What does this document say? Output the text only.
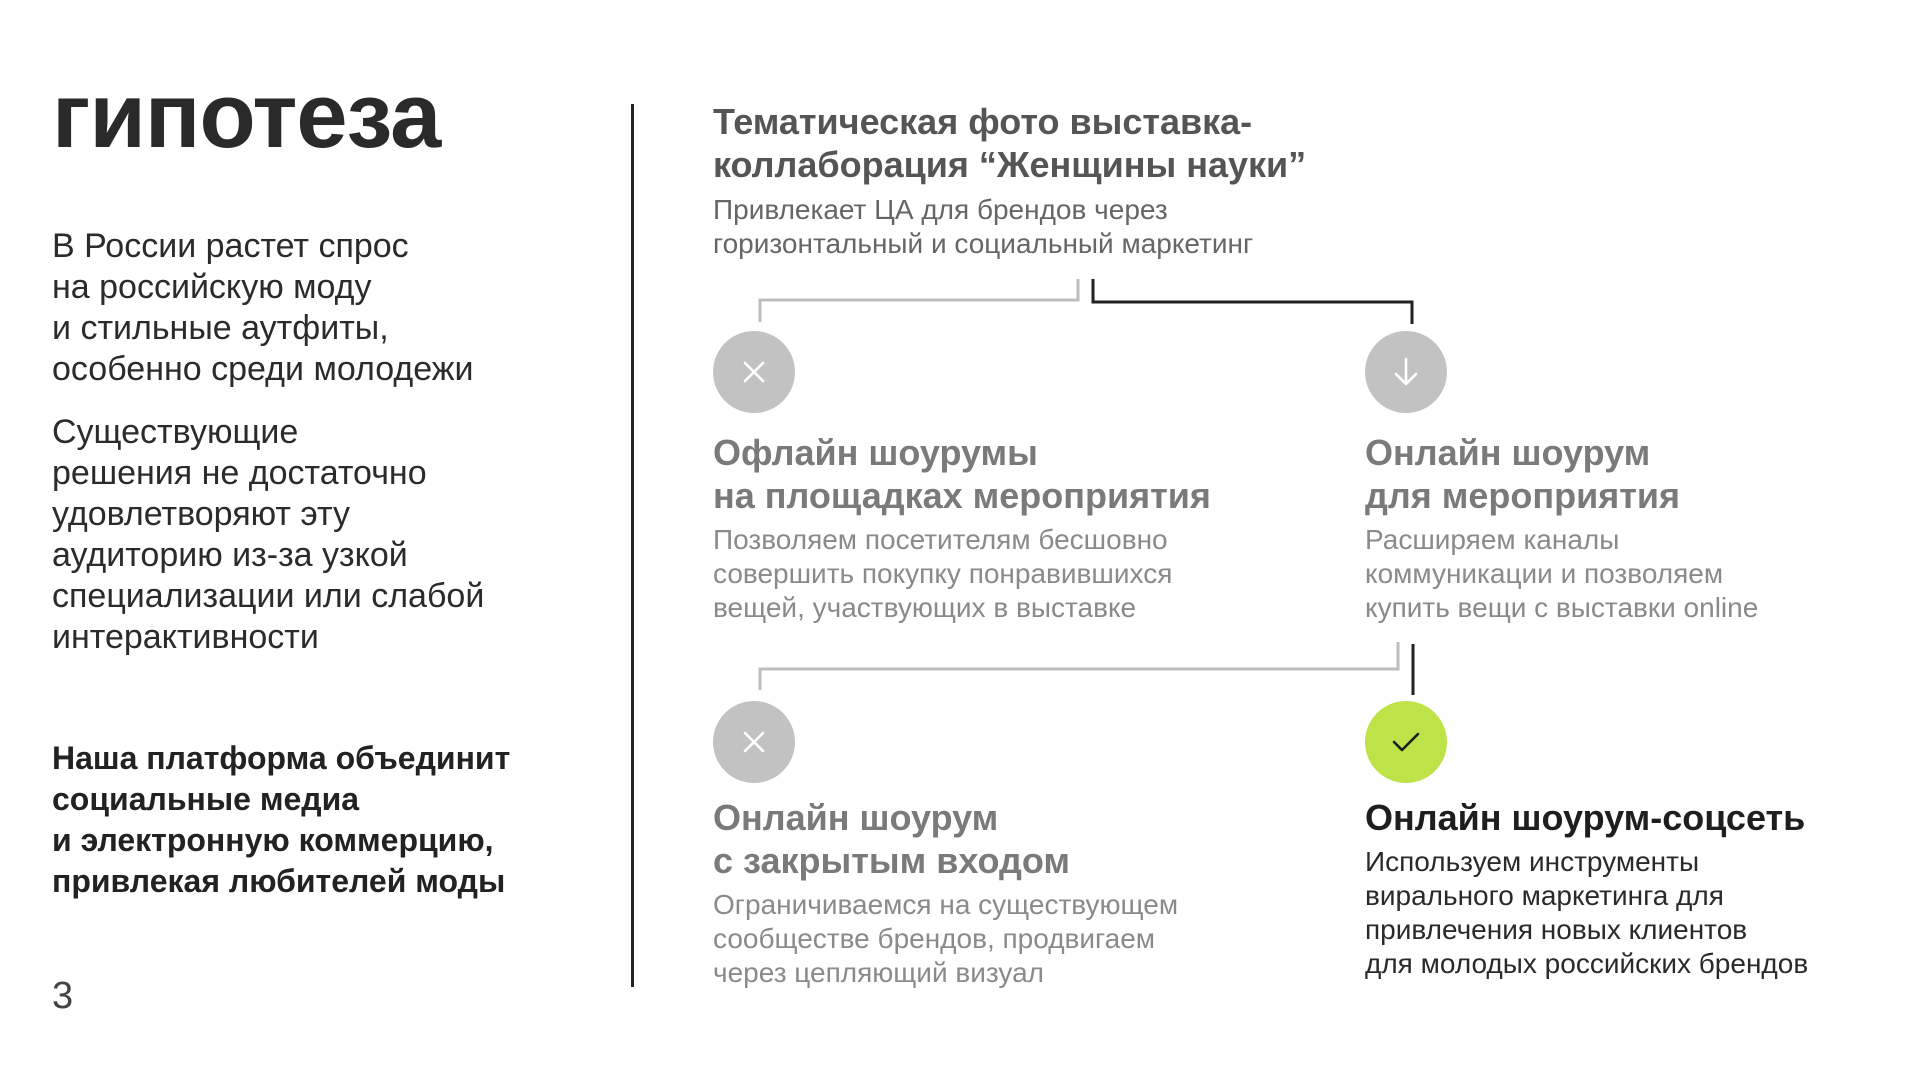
гипотеза

В России растет спрос
на российскую моду
и стильные аутфиты,
особенно среди молодежи

Существующие
решения не достаточно
удовлетворяют эту
аудиторию из-за узкой
специализации или слабой
интерактивности

Наша платформа объединит
социальные медиа
и электронную коммерцию,
привлекая любителей моды

3

Тематическая фото выставка-
коллаборация “Женщины науки”

Привлекает ЦА для брендов через
горизонтальный и социальный маркетинг

Офлайн шоурумы
на площадках мероприятия

Позволяем посетителям бесшовно
совершить покупку понравившихся
вещей, участвующих в выставке

Онлайн шоурум
для мероприятия

Расширяем каналы
коммуникации и позволяем
купить вещи с выставки online

Онлайн шоурум
с закрытым входом

Ограничиваемся на существующем
сообществе брендов, продвигаем
через цепляющий визуал

Онлайн шоурум-соцсеть

Используем инструменты
вирального маркетинга для
привлечения новых клиентов
для молодых российских брендов
